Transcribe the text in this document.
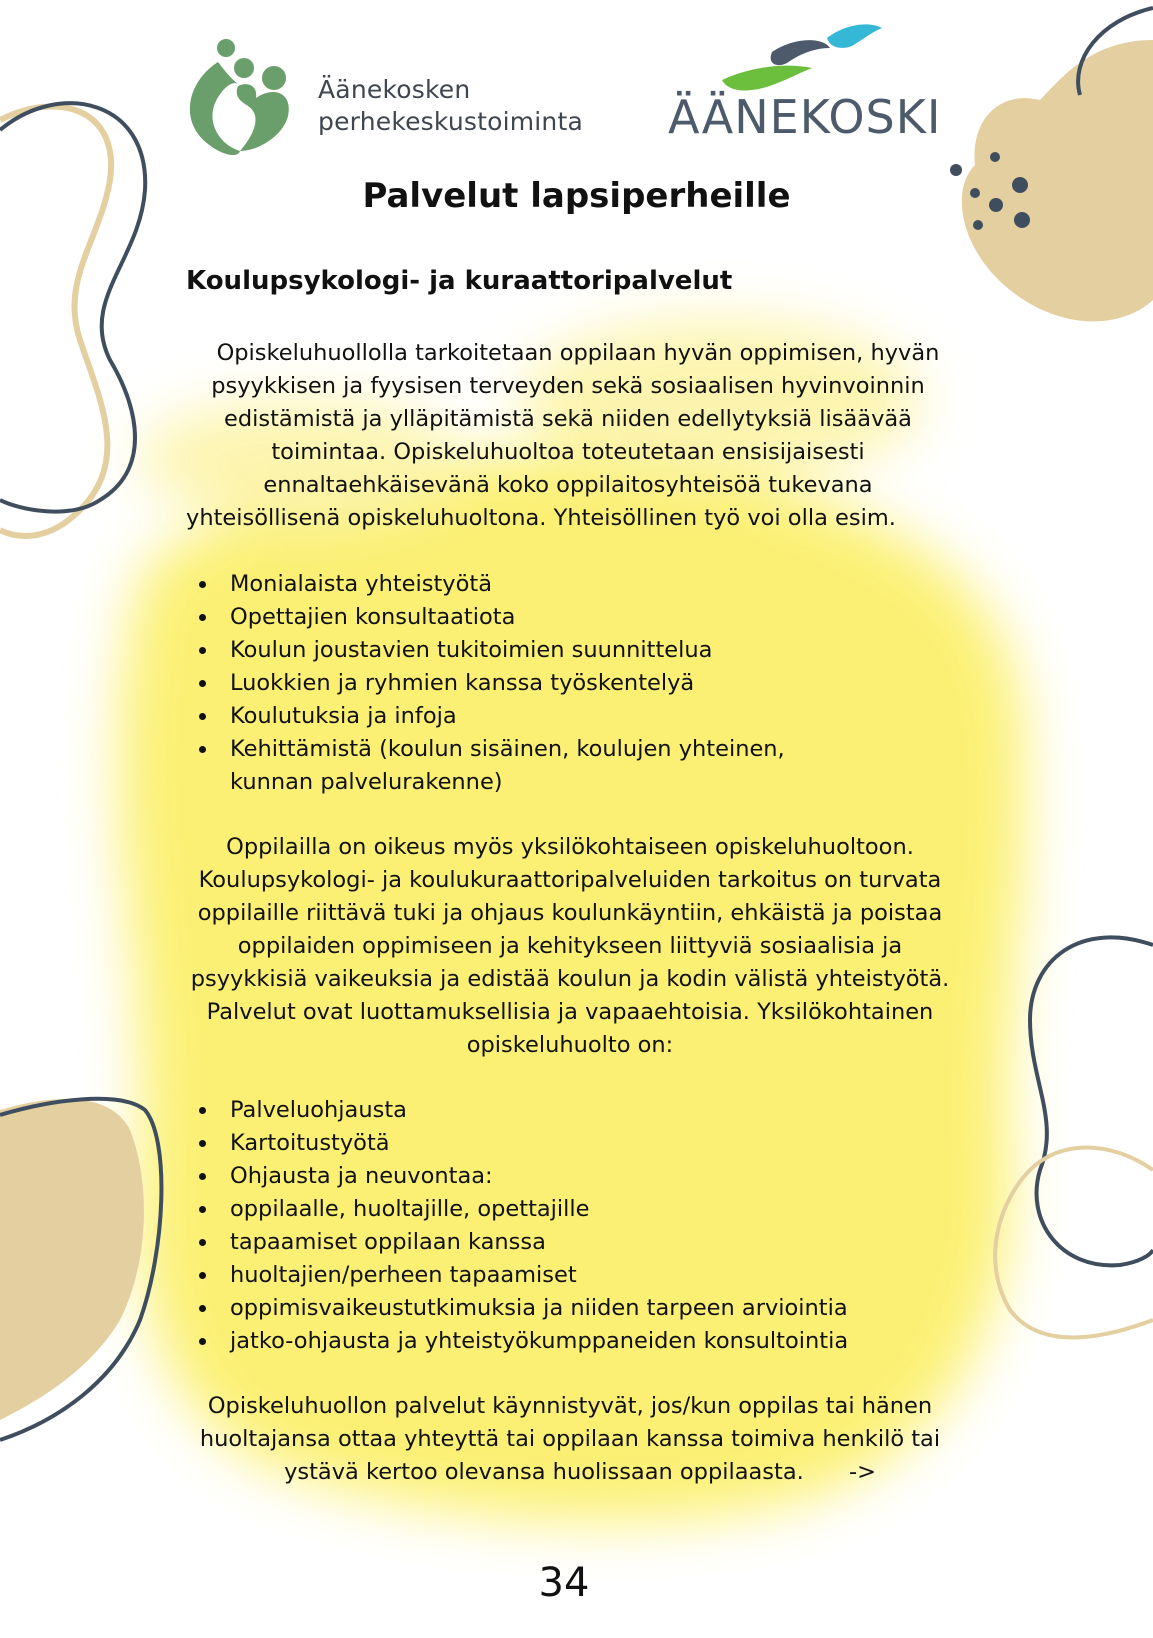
Äänekosken
perhekeskustoiminta ÄÄNEKOSKI
Palvelut lapsiperheille
Koulupsykologi- ja kuraattoripalvelut
Opiskeluhuollolla tarkoitetaan oppilaan hyvän oppimisen, hyvän
psyykkisen ja fyysisen terveyden sekä sosiaalisen hyvinvoinnin
edistämistä ja ylläpitämistä sekä niiden edellytyksiä lisäävää
toimintaa. Opiskeluhuoltoa toteutetaan ensisijaisesti
ennaltaehkäisevänä koko oppilaitosyhteisöä tukevana
yhteisöllisenä opiskeluhuoltona. Yhteisöllinen työ voi olla esim.
Monialaista yhteistyötä
Opettajien konsultaatiota
Koulun joustavien tukitoimien suunnittelua
Luokkien ja ryhmien kanssa työskentelyä
Koulutuksia ja infoja
Kehittämistä (koulun sisäinen, koulujen yhteinen, kunnan palvelurakenne)
Oppilailla on oikeus myös yksilökohtaiseen opiskeluhuoltoon.
Koulupsykologi- ja koulukuraattoripalveluiden tarkoitus on turvata
oppilaille riittävä tuki ja ohjaus koulunkäyntiin, ehkäistä ja poistaa
oppilaiden oppimiseen ja kehitykseen liittyviä sosiaalisia ja
psyykkisiä vaikeuksia ja edistää koulun ja kodin välistä yhteistyötä.
Palvelut ovat luottamuksellisia ja vapaaehtoisia. Yksilökohtainen
opiskeluhuolto on:
Palveluohjausta
Kartoitustyötä
Ohjausta ja neuvontaa:
oppilaalle, huoltajille, opettajille
tapaamiset oppilaan kanssa
huoltajien/perheen tapaamiset
oppimisvaikeustutkimuksia ja niiden tarpeen arviointia
jatko-ohjausta ja yhteistyökumppaneiden konsultointia
Opiskeluhuollon palvelut käynnistyvät, jos/kun oppilas tai hänen
huoltajansa ottaa yhteyttä tai oppilaan kanssa toimiva henkilö tai
ystävä kertoo olevansa huolissaan oppilaasta. ->
34
